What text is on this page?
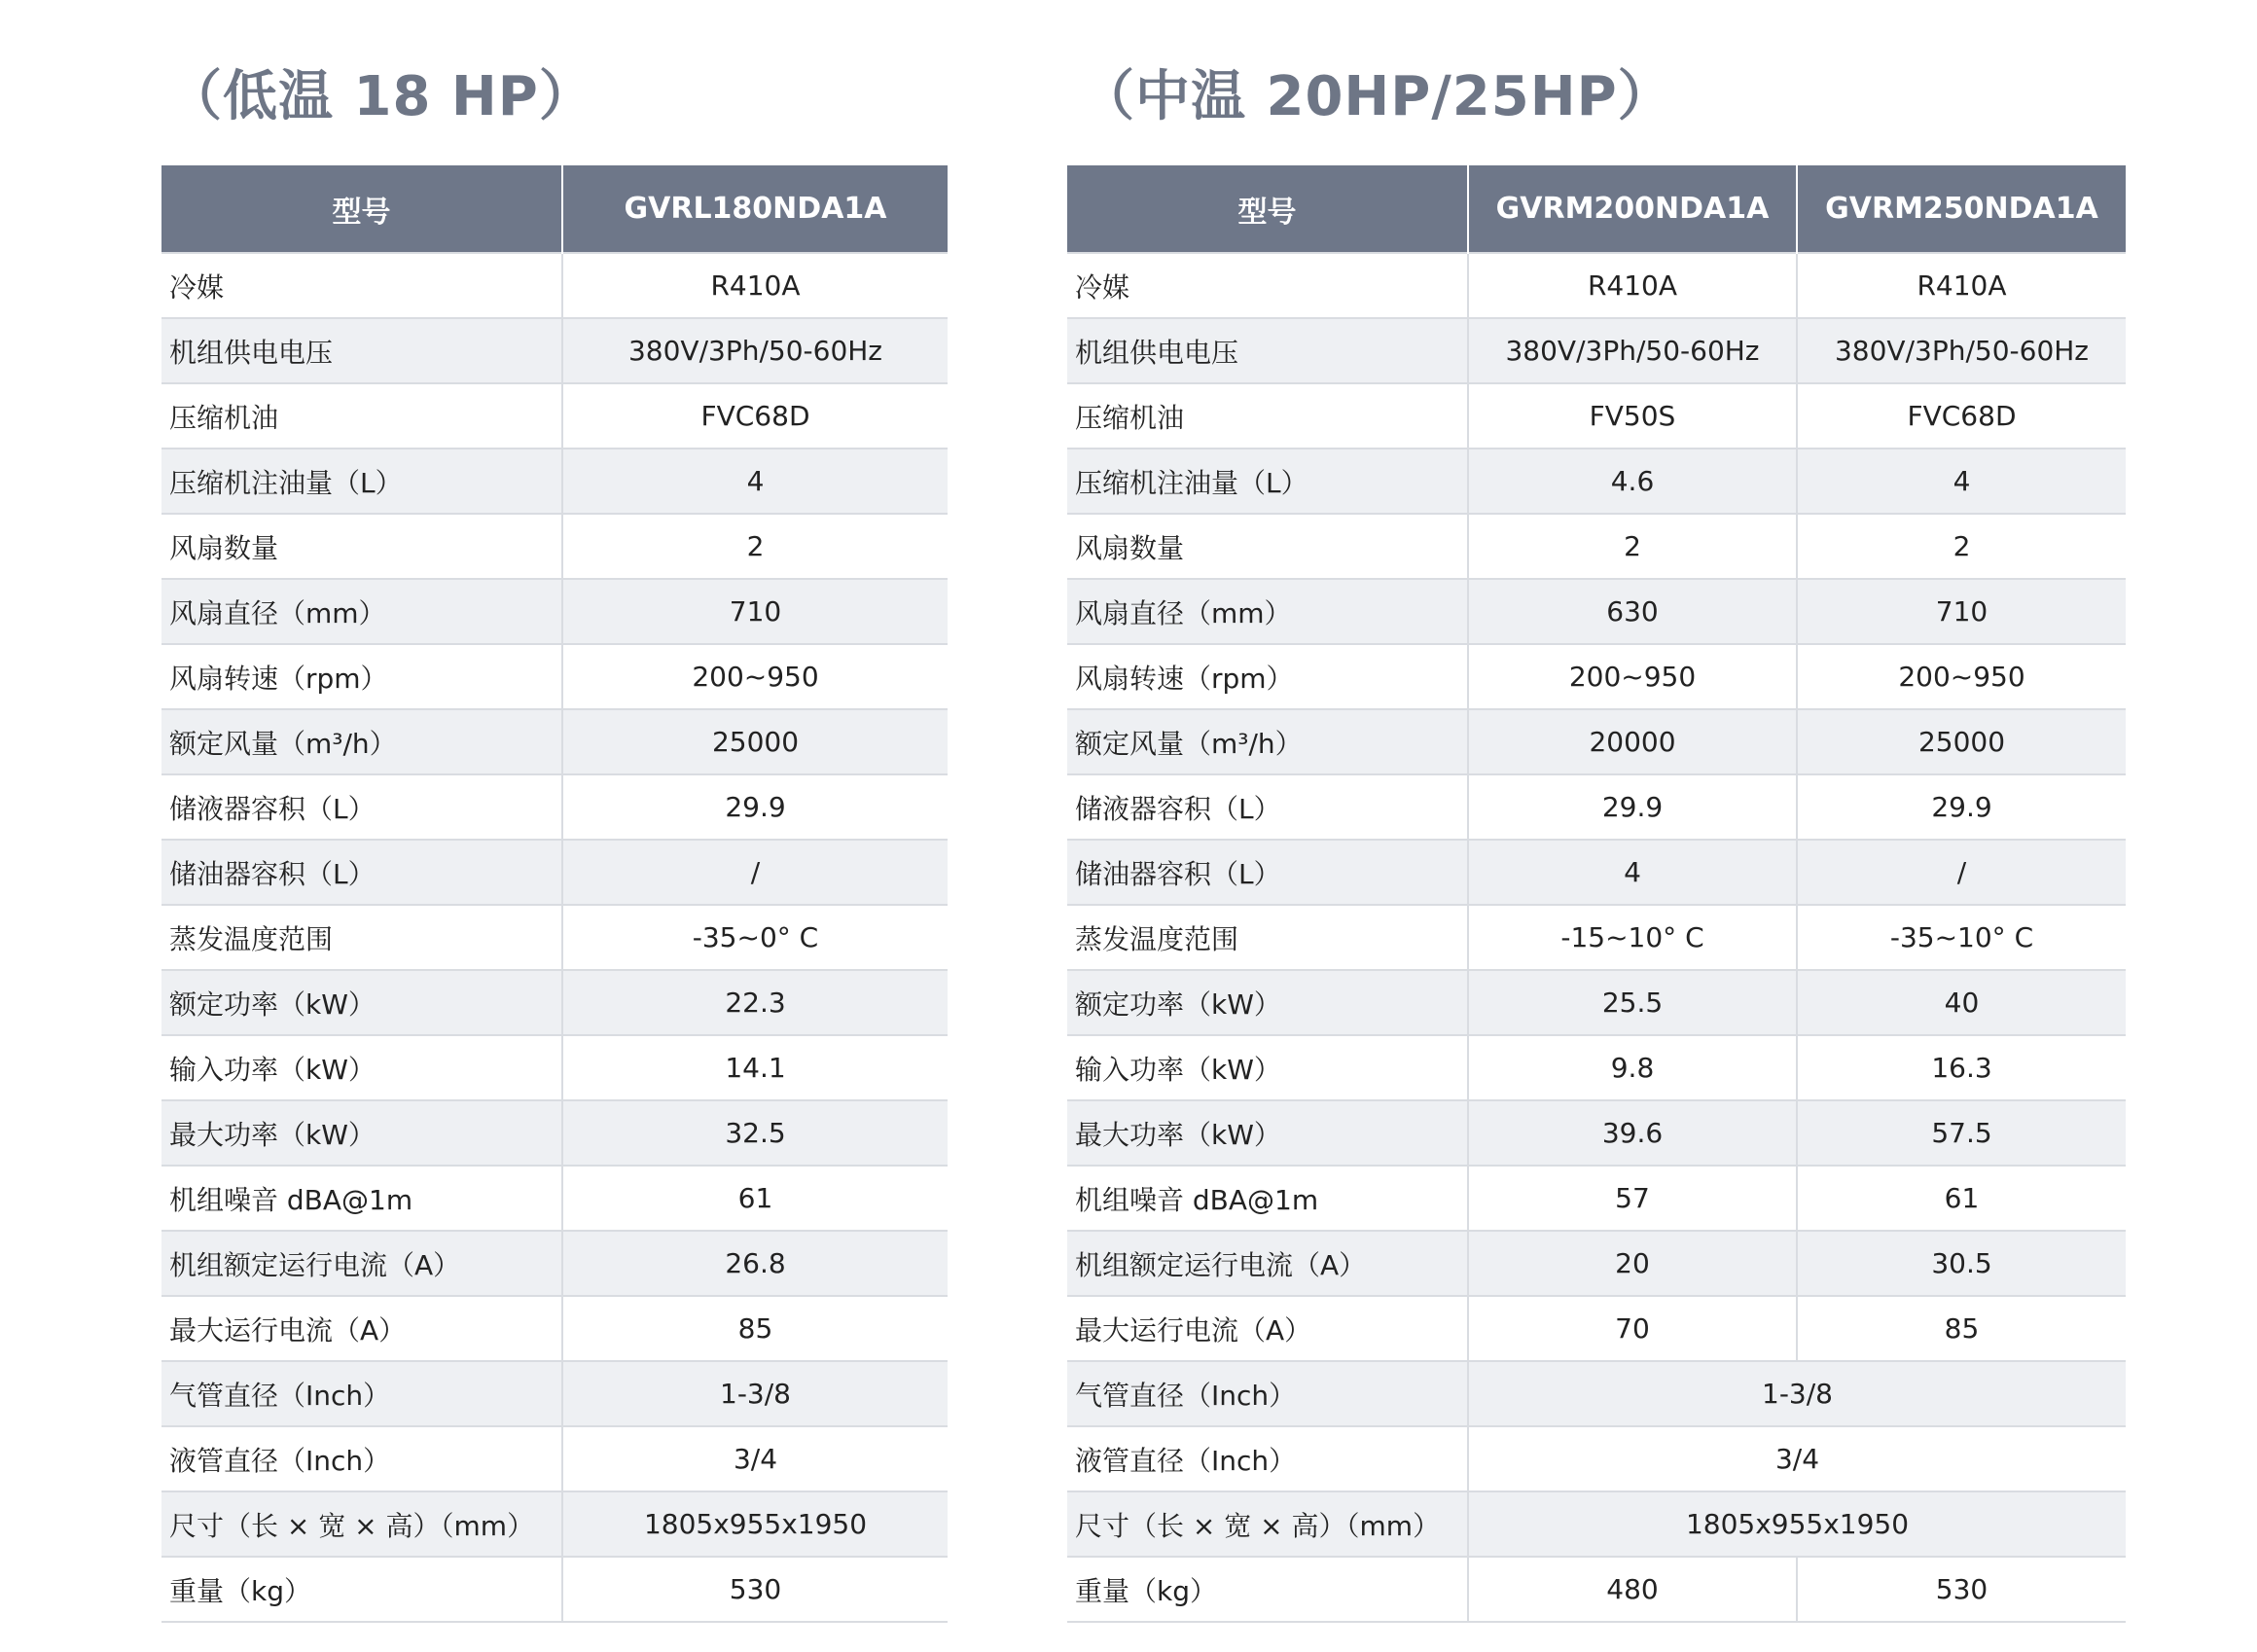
（低温 18 HP）	（中温 20HP/25HP）
型号	GVRL180NDA1A
冷媒	R410A
机组供电电压	380V/3Ph/50-60Hz
压缩机油	FVC68D
压缩机注油量（L）	4
风扇数量	2
风扇直径（mm）	710
风扇转速（rpm）	200~950
额定风量（m³/h）	25000
储液器容积（L）	29.9
储油器容积（L）	/
蒸发温度范围	-35~0° C
额定功率（kW）	22.3
输入功率（kW）	14.1
最大功率（kW）	32.5
机组噪音 dBA@1m	61
机组额定运行电流（A）	26.8
最大运行电流（A）	85
气管直径（Inch）	1-3/8
液管直径（Inch）	3/4
尺寸（长 × 宽 × 高）（mm）	1805x955x1950
重量（kg）	530
型号	GVRM200NDA1A	GVRM250NDA1A
冷媒	R410A	R410A
机组供电电压	380V/3Ph/50-60Hz	380V/3Ph/50-60Hz
压缩机油	FV50S	FVC68D
压缩机注油量（L）	4.6	4
风扇数量	2	2
风扇直径（mm）	630	710
风扇转速（rpm）	200~950	200~950
额定风量（m³/h）	20000	25000
储液器容积（L）	29.9	29.9
储油器容积（L）	4	/
蒸发温度范围	-15~10° C	-35~10° C
额定功率（kW）	25.5	40
输入功率（kW）	9.8	16.3
最大功率（kW）	39.6	57.5
机组噪音 dBA@1m	57	61
机组额定运行电流（A）	20	30.5
最大运行电流（A）	70	85
气管直径（Inch）	1-3/8	
液管直径（Inch）	3/4	
尺寸（长 × 宽 × 高）（mm）	1805x955x1950	
重量（kg）	480	530
